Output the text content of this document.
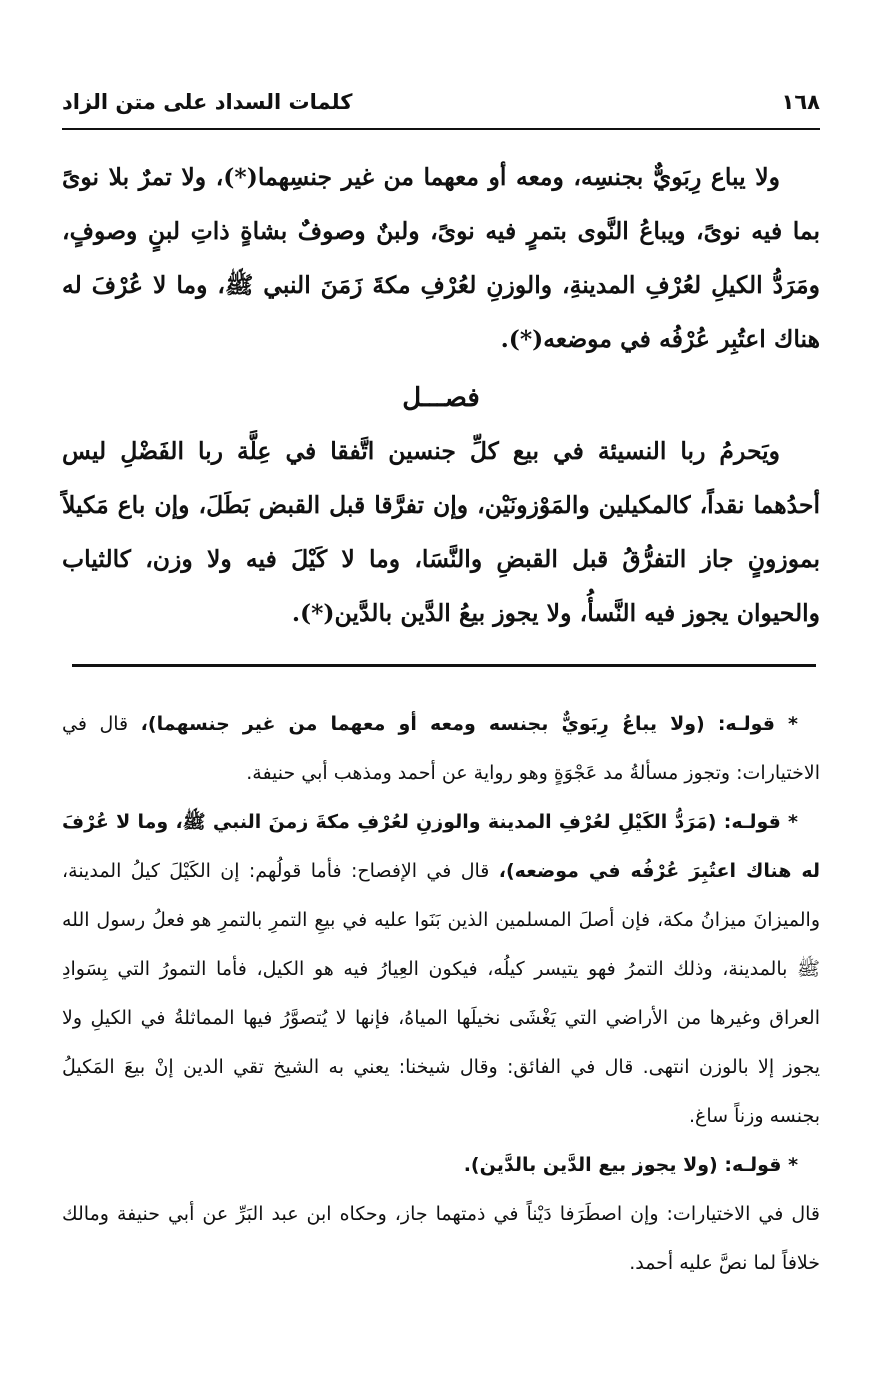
١٦٨
كلمات السداد على متن الزاد

ولا يباع رِبَويٌّ بجنسِه، ومعه أو معهما من غير جنسِهما(*)، ولا تمرٌ بلا نوىً بما فيه نوىً، ويباعُ النَّوى بتمرٍ فيه نوىً، ولبنٌ وصوفٌ بشاةٍ ذاتِ لبنٍ وصوفٍ، ومَرَدُّ الكيلِ لعُرْفِ المدينةِ، والوزنِ لعُرْفِ مكةَ زَمَنَ النبي ﷺ، وما لا عُرْفَ له هناك اعتُبِر عُرْفُه في موضعه(*).

فصـــل

ويَحرمُ ربا النسيئة في بيع كلِّ جنسين اتَّفقا في عِلَّة ربا الفَضْلِ ليس أحدُهما نقداً، كالمكيلين والمَوْزونَيْن، وإن تفرَّقا قبل القبض بَطَلَ، وإن باع مَكيلاً بموزونٍ جاز التفرُّقُ قبل القبضِ والنَّسَا، وما لا كَيْلَ فيه ولا وزن، كالثياب والحيوان يجوز فيه النَّسأُ، ولا يجوز بيعُ الدَّين بالدَّين(*).

* قولـه: (ولا يباعُ رِبَويٌّ بجنسه ومعه أو معهما من غير جنسهما)، قال في الاختيارات: وتجوز مسألةُ مد عَجْوَةٍ وهو رواية عن أحمد ومذهب أبي حنيفة.

* قولـه: (مَرَدُّ الكَيْلِ لعُرْفِ المدينة والوزنِ لعُرْفِ مكةَ زمنَ النبي ﷺ، وما لا عُرْفَ له هناك اعتُبِرَ عُرْفُه في موضعه)، قال في الإفصاح: فأما قولُهم: إن الكَيْلَ كيلُ المدينة، والميزانَ ميزانُ مكة، فإن أصلَ المسلمين الذين بَنَوا عليه في بيعِ التمرِ بالتمرِ هو فعلُ رسول الله ﷺ بالمدينة، وذلك التمرُ فهو يتيسر كيلُه، فيكون العِيارُ فيه هو الكيل، فأما التمورُ التي بِسَوادِ العراق وغيرها من الأراضي التي يَغْشَى نخيلَها المياهُ، فإنها لا يُتصوَّرُ فيها المماثلةُ في الكيلِ ولا يجوز إلا بالوزن انتهى. قال في الفائق: وقال شيخنا: يعني به الشيخ تقي الدين إنْ بيعَ المَكيلُ بجنسه وزناً ساغ.

* قولـه: (ولا يجوز بيع الدَّين بالدَّين).

قال في الاختيارات: وإن اصطَرَفا دَيْناً في ذمتهما جاز، وحكاه ابن عبد البَرِّ عن أبي حنيفة ومالك خلافاً لما نصَّ عليه أحمد.
